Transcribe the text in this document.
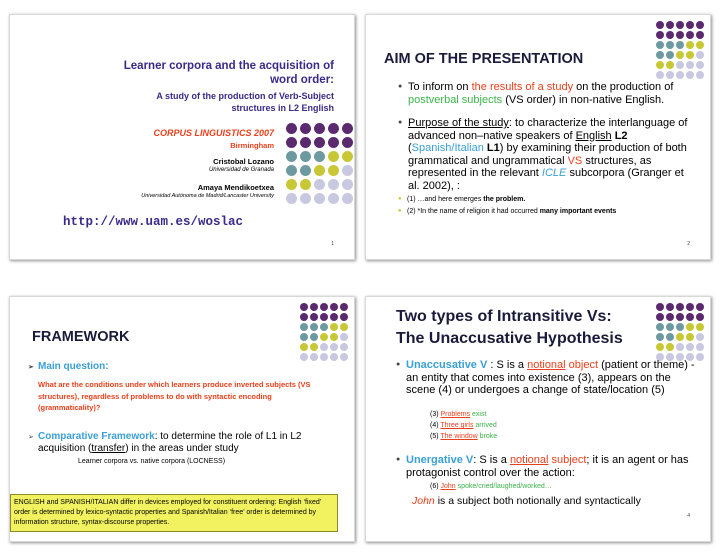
Learner corpora and the acquisition of
word order:
A study of the production of Verb-Subject
structures in L2 English
CORPUS LINGUISTICS 2007
Birmingham
Cristobal Lozano
Universidad de Granada
Amaya Mendikoetxea
Universidad Autónoma de Madrid/Lancaster University
http://www.uam.es/woslac
1
AIM OF THE PRESENTATION
● To inform on the results of a study on the production of postverbal subjects (VS order) in non-native English.
● Purpose of the study: to characterize the interlanguage of advanced non–native speakers of English L2 (Spanish/Italian L1) by examining their production of both grammatical and ungrammatical VS structures, as represented in the relevant ICLE subcorpora (Granger et al. 2002), :
● (1) …and here emerges the problem.
● (2) *In the name of religion it had occurred many important events
2
FRAMEWORK
➢ Main question:
What are the conditions under which learners produce inverted subjects (VS structures), regardless of problems to do with syntactic encoding (grammaticality)?
➢ Comparative Framework: to determine the role of L1 in L2 acquisition (transfer) in the areas under study
Learner corpora vs. native corpora (LOCNESS)
ENGLISH and SPANISH/ITALIAN differ in devices employed for constituent ordering: English ‘fixed’ order is determined by lexico-syntactic properties and Spanish/Italian ‘free’ order is determined by information structure, syntax-discourse properties.
Two types of Intransitive Vs:
The Unaccusative Hypothesis
● Unaccusative V : S is a notional object (patient or theme) - an entity that comes into existence (3), appears on the scene (4) or undergoes a change of state/location (5)
(3) Problems exist
(4) Three girls arrived
(5) The window broke
● Unergative V: S is a notional subject; it is an agent or has protagonist control over the action:
(6) John spoke/cried/laughed/worked…
John is a subject both notionally and syntactically
4
